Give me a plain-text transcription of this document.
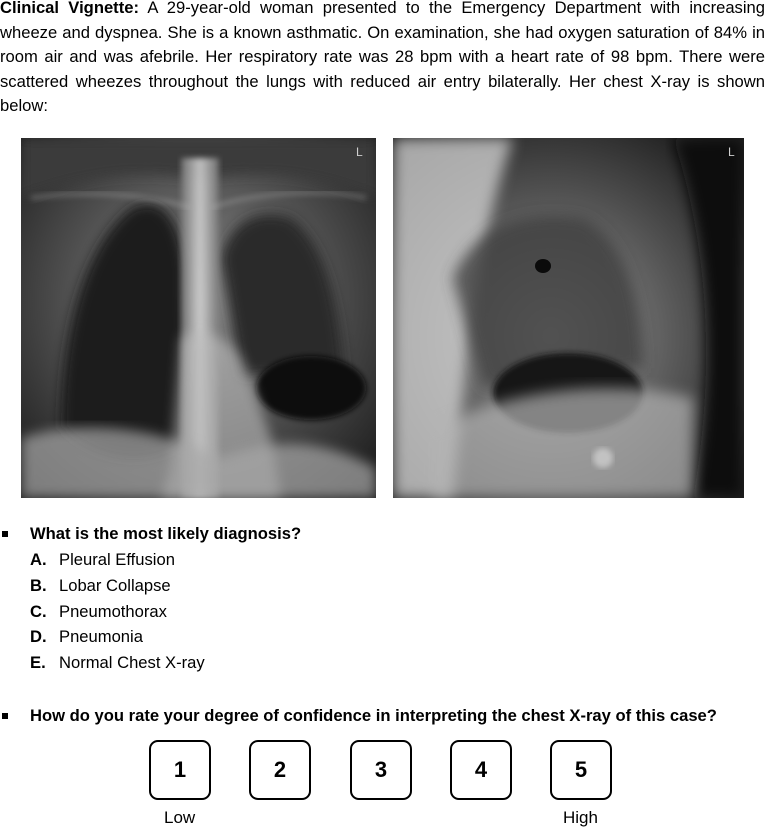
Clinical Vignette: A 29-year-old woman presented to the Emergency Department with increasing wheeze and dyspnea. She is a known asthmatic. On examination, she had oxygen saturation of 84% in room air and was afebrile. Her respiratory rate was 28 bpm with a heart rate of 98 bpm. There were scattered wheezes throughout the lungs with reduced air entry bilaterally. Her chest X-ray is shown below:
L	L
What is the most likely diagnosis?
A. Pleural Effusion
B. Lobar Collapse
C. Pneumothorax
D. Pneumonia
E. Normal Chest X-ray
How do you rate your degree of confidence in interpreting the chest X-ray of this case?
1	2	3	4	5
Low	High
